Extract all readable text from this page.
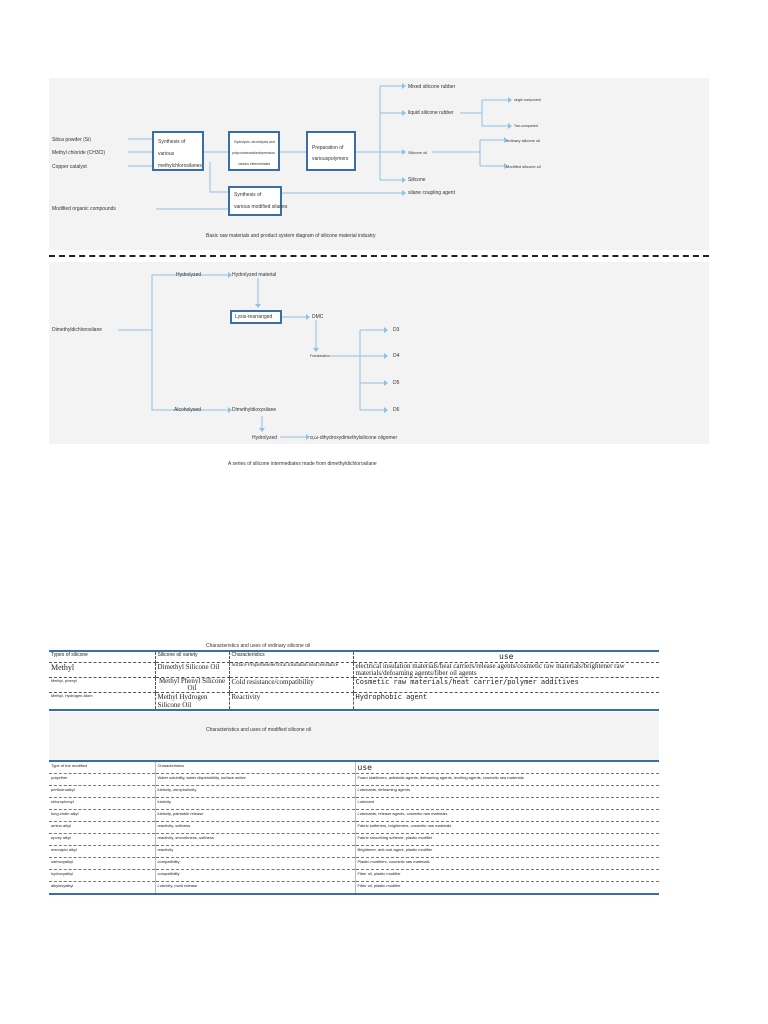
Silica powder (Si)
Methyl chloride (CH3Cl)
Copper catalyst
Modified organic compounds
Synthesis of
various
methylchlorosilanes
Hydrolysis, alcoholysis and
polycondensationdepression
various intermediates
Preparation of
variouspolymers
Synthesis of
various modified silanes
Mixed silicone rubber
liquid silicone rubber
single component
Two-component
Silicone oil
ordinary silicone oil
Modified silicone oil
Silicone
silane coupling agent
Basic raw materials and product system diagram of silicone material industry
Dimethyldichlorosilane
Hydrolyzed	Hydrolyzed material
Lysis-rearranged	DMC
Fractionation
D3
D4
D5
D6
Alcoholysed	Dimethyldioxysilane
Hydrolyzed	α,ω-dihydroxydimethylsilicone oligomer
A series of silicone intermediates made from dimethyldichlorosilane
Characteristics and uses of ordinary silicone oil
Types of silicone	Silicone oil variety	Characteristics	use
Methyl	Dimethyl Silicone Oil	Surface Propertieselectrical insulation heat resistance	electrical insulation materials/heat carriers/release agents/cosmetic raw materials/brightener raw materials/defoaming agents/fiber oil agents
Methyl, phenyl	Methyl Phenyl Silicone Oil	Cold resistance/compatibility	Cosmetic raw materials/heat carrier/polymer additives
Methyl, Hydrogen Atom	Methyl Hydrogen Silicone Oil	Reactivity	Hydrophobic agent
Characteristics and uses of modified silicone oil
Type of the modified	Characteristics	use
polyether	Water solubility, water dispersibility, surface active	Foam stabilizers, antistatic agents, defoaming agents, leveling agents, cosmetic raw materials
perfluoroalkyl	lubricity, oleophobicity	Lubricants, defoaming agents
chlorophenyl	lubricity	Lubricant
long-chain alkyl	lubricity, paintable release	Lubricants, release agents, cosmetic raw materials
amino alkyl	reactivity, softness	Fabric softeners, brighteners, cosmetic raw materials
epoxy alkyl	reactivity, smoothness, softness	Fabric smoothing softener, plastic modifier
mercapto alkyl	reactivity	Brightener, anti-rust agent, plastic modifier
carboxyalkyl	compatibility	Plastic modifiers, cosmetic raw materials
hydroxyalkyl	compatibility	Fiber oil, plastic modifier
alkyloxyalkyl	Lubricity, mold release	Fiber oil, plastic modifier
